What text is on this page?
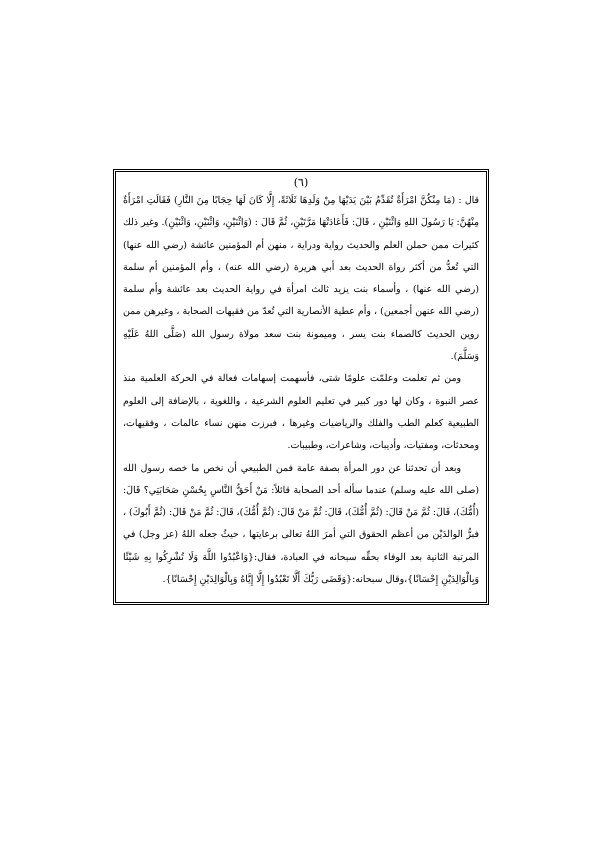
(٦)

قال : (مَا مِنْكُنَّ امْرَأَةٌ تُقَدِّمُ بَيْنَ يَدَيْهَا مِنْ وَلَدِهَا ثَلَاثَةً، إِلَّا كَانَ لَهَا حِجَابًا مِنَ النَّارِ) فَقَالَتِ امْرَأَةٌ مِنْهُنَّ: يَا رَسُولَ اللهِ وَاثْنَيْنِ ، قَالَ: فَأَعَادَتْهَا مَرَّتَيْنِ، ثُمَّ قَالَ : (وَاثْنَيْنِ، وَاثْنَيْنِ، وَاثْنَيْنِ). وغير ذلك كثيرات ممن حملن العلم والحديث رواية ودراية ، منهن أم المؤمنين عائشة (رضي الله عنها) التي تُعدُّ من أكثر رواة الحديث بعد أبي هريرة (رضي الله عنه) ، وأم المؤمنين أم سلمة (رضي الله عنها) ، وأسماء بنت يزيد ثالث امرأة في رواية الحديث بعد عائشة وأم سلمة (رضي الله عنهن أجمعين) ، وأم عطية الأنصارية التي تُعدّ من فقيهات الصحابة ، وغيرهن ممن روين الحديث كالصماء بنت يسر ، وميمونة بنت سعد مولاة رسول الله (صَلَّى اللهُ عَلَيْهِ وَسَلَّمَ).

ومن ثم تعلمت وعلمّت علومًا شتى، فأسهمت إسهامات فعالة في الحركة العلمية منذ عصر النبوة ، وكان لها دور كبير في تعليم العلوم الشرعية ، واللغوية ، بالإضافة إلى العلوم الطبيعية كعلم الطب والفلك والرياضيات وغيرها ، فبرزت منهن نساء عالمات ، وفقيهات، ومحدثات، ومفتيات، وأديبات، وشاعرات، وطبيبات.

وبعد أن تحدثنا عن دور المرأة بصفة عامة فمن الطبيعي أن نخص ما خصه رسول الله (صلى الله عليه وسلم) عندما سأله أحد الصحابة قائلاً: مَنْ أَحَقُّ النَّاسِ بِحُسْنِ صَحَابَتِي؟ قَالَ: (أُمُّكَ)، قَالَ: ثُمَّ مَنْ قَالَ: (ثُمَّ أُمُّكَ)، قَالَ: ثُمَّ مَنْ قَالَ: (ثُمَّ أُمُّكَ)، قَالَ: ثُمَّ مَنْ قَالَ: (ثُمَّ أَبُوكَ) ، فبرُّ الوالدَيْن من أعظم الحقوق التي أمرَ اللهُ تعالى برعايتها ، حيثُ جعله اللهُ (عز وجل) في المرتبة الثانية بعد الوفاء بحقِّه سبحانه في العبادة، فقال:{وَاعْبُدُوا اللَّهَ وَلَا تُشْرِكُوا بِهِ شَيْئًا وَبِالْوَالِدَيْنِ إِحْسَانًا}،وقال سبحانه:{وَقَضَى رَبُّكَ أَلَّا تَعْبُدُوا إِلَّا إِيَّاهُ وَبِالْوَالِدَيْنِ إِحْسَانًا}.
